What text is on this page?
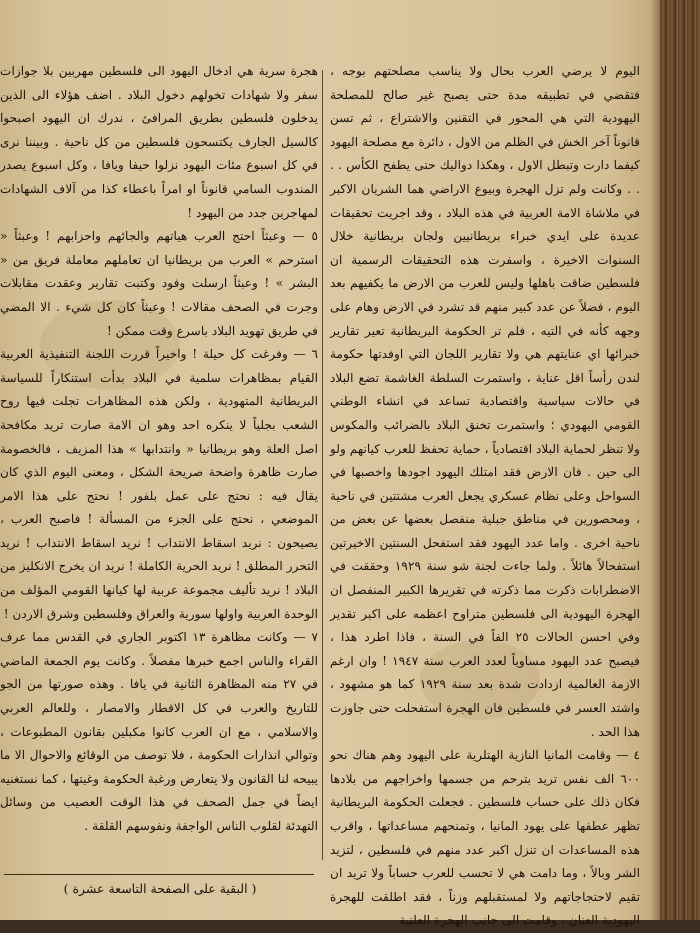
اليوم لا يرضي العرب بحال ولا يناسب مصلحتهم بوجه ، فتقضي في تطبيقه مدة حتى يصبح غير صالح للمصلحة اليهودية التي هي المحور في التقنين والاشتراع ، ثم تسن قانوناً آخر الخش في الظلم من الاول ، دائرة مع مصلحة اليهود كيفما دارت وتبطل الاول ، وهكذا دواليك حتى يطفح الكأس . . . . وكانت ولم تزل الهجرة وبيوع الاراضي هما الشريان الاكبر في ملاشاة الامة العربية في هذه البلاد ، وقد اجريت تحقيقات عديدة على ايدي خبراء بريطانيين ولجان بريطانية خلال السنوات الاخيرة ، واسفرت هذه التحقيقات الرسمية ان فلسطين ضاقت باهلها وليس للعرب من الارض ما يكفيهم بعد اليوم ، فضلاً عن عدد كبير منهم قد تشرد في الارض وهام على وجهه كأنه في التيه ، فلم تر الحكومة البريطانية تعير تقارير خبرائها اي عنايتهم هي ولا تقارير اللجان التي اوفدتها حكومة لندن رأساً اقل عناية ، واستمرت السلطة الغاشمة تضع البلاد في حالات سياسية واقتصادية تساعد في انشاء الوطني القومي اليهودي ؛ واستمرت تخنق البلاد بالضرائب والمكوس ولا تنظر لحماية البلاد اقتصادياً ، حماية تحفظ للعرب كيانهم ولو الى حين . فان الارض فقد امتلك اليهود اجودها واخصبها في السواحل وعلى نظام عسكري يجعل العرب مشتتين في ناحية ، ومحصورين في مناطق جبلية منفصل بعضها عن بعض من ناحية اخرى . واما عدد اليهود فقد استفحل السنتين الاخيرتين استفحالاً هائلاً . ولما جاءت لجنة شو سنة ١٩٢٩ وحققت في الاضطرابات ذكرت مما ذكرته في تقريرها الكبير المنفصل ان الهجرة اليهودية الى فلسطين متراوح اعظمه على اكبر تقدير وفي احسن الحالات ٢٥ الفاً في السنة ، فاذا اطرد هذا ، فيصبح عدد اليهود مساوياً لعدد العرب سنة ١٩٤٧ ! وان ارغم الازمة العالمية ازدادت شدة بعد سنة ١٩٢٩ كما هو مشهود ، واشتد العسر في فلسطين فان الهجرة استفحلت حتى جاوزت هذا الحد .

٤ — وقامت المانيا النازية الهتلرية على اليهود وهم هناك نحو ٦٠٠ الف نفس تريد بترحم من جسمها واخراجهم من بلادها فكان ذلك على حساب فلسطين . فجعلت الحكومة البريطانية تظهر عطفها على يهود المانيا ، وتمنحهم مساعداتها ، واقرب هذه المساعدات ان تنزل اكبر عدد منهم في فلسطين ، لتزيد الشر وبالاً ، وما دامت هي لا تحسب للعرب حساباً ولا تريد ان تقيم لاحتجاجاتهم ولا لمستقبلهم وزناً ، فقد اطلقت للهجرة اليهودية العنان ، وقامت الى جانب الهجرة العلنية

هجرة سرية هي ادخال اليهود الى فلسطين مهربين بلا جوازات سفر ولا شهادات تخولهم دخول البلاد . اضف هؤلاء الى الذين يدخلون فلسطين بطريق المرافئ ، ندرك ان اليهود اصبحوا كالسيل الجارف يكتسحون فلسطين من كل ناحية . وبيننا نرى في كل اسبوع مئات اليهود نزلوا حيفا ويافا ، وكل اسبوع يصدر المندوب السامي قانوناً او امراً باعطاء كذا من آلاف الشهادات لمهاجرين جدد من اليهود !

٥ — وعبثاً احتج العرب هياتهم والجائهم واحزابهم ! وعبثاً « استرحم » العرب من بريطانيا ان تعاملهم معاملة فريق من « البشر » ! وعبثاً ارسلت وفود وكتبت تقارير وعقدت مقابلات وجرت في الصحف مقالات ! وعبثاً كان كل شيء . الا المضي في طريق تهويد البلاد باسرع وقت ممكن !

٦ — وفرغت كل حيلة ! واخيراً قررت اللجنة التنفيذية العربية القيام بمظاهرات سلمية في البلاد بدأت استنكاراً للسياسة البريطانية المتهودية ، ولكن هذه المظاهرات تجلت فيها روح الشعب بجلياً لا ينكره احد وهو ان الامة صارت تريد مكافحة اصل العلة وهو بريطانيا « وانتدابها » هذا المزيف ، فالخصومة صارت ظاهرة واضحة صريحة الشكل ، ومعنى اليوم الذي كان يقال فيه : نحتج على عمل بلفور ! نحتج على هذا الامر الموضعي ، نحتج على الجزء من المسألة ! فاصبح العرب ، يصيحون : نريد اسقاط الانتداب ! نريد اسقاط الانتداب ! نريد التحرر المطلق ! نريد الحرية الكاملة ! نريد ان يخرج الانكليز من البلاد ! نريد تأليف مجموعة عربية لها كيانها القومي المؤلف من الوحدة العربية واولها سورية والعراق وفلسطين وشرق الاردن !

٧ — وكانت مظاهرة ١٣ اكتوبر الجاري في القدس مما عرف القراء والناس اجمع خبرها مفصلاً . وكانت يوم الجمعة الماضي في ٢٧ منه المظاهرة الثانية في يافا . وهذه صورتها من الجو للتاريخ والعرب في كل الاقطار والامصار ، وللعالم العربي والاسلامي ، مع ان العرب كانوا مكبلين بقانون المطبوعات ، وتوالي انذارات الحكومة ، فلا توصف من الوقائع والاحوال الا ما يبيحه لنا القانون ولا يتعارض ورغبة الحكومة وغيتها ، كما نستغنيه ايضاً في جمل الصحف في هذا الوقت العصيب من وسائل التهدئة لقلوب الناس الواجفة ونفوسهم القلقة .

( البقية على الصفحة التاسعة عشرة )
